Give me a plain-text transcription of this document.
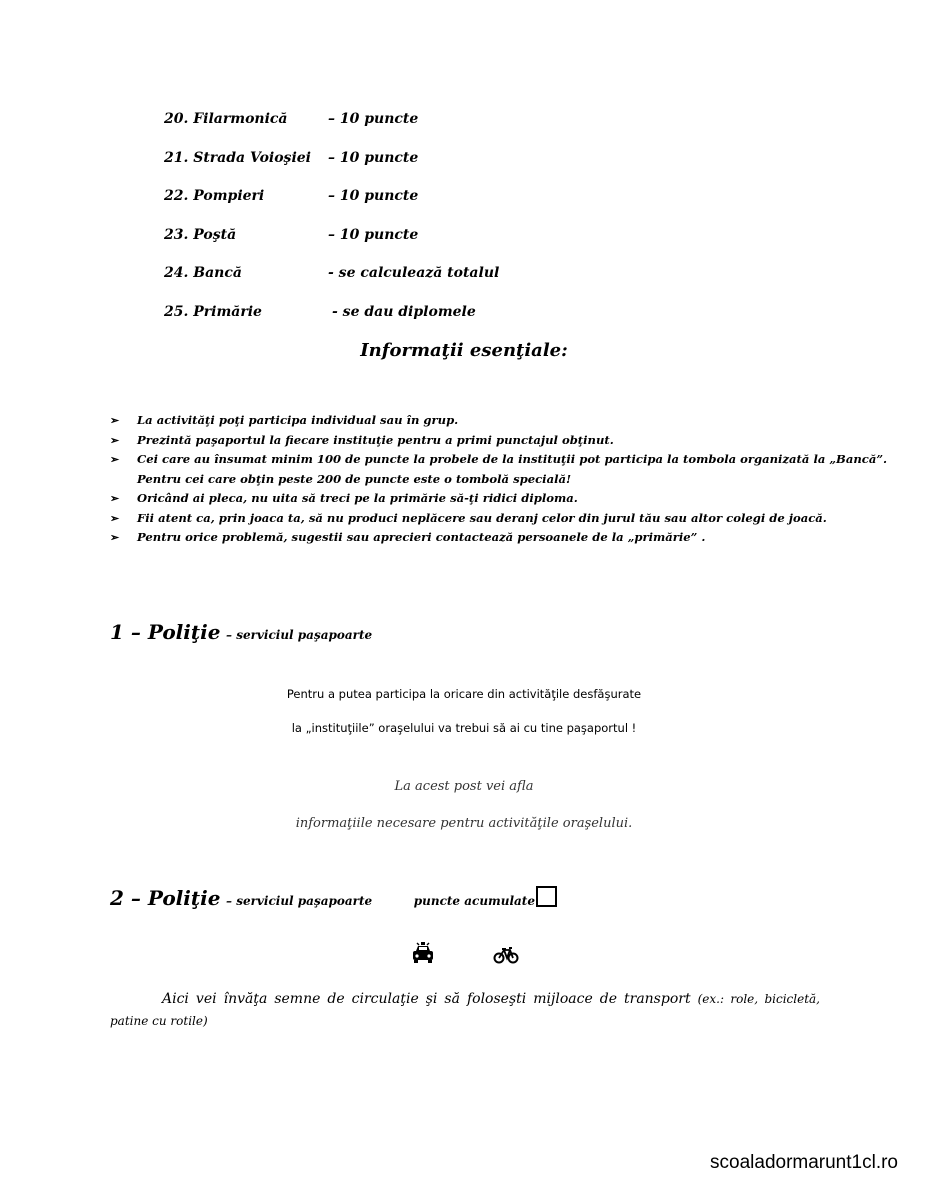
20. Filarmonică	– 10 puncte
21. Strada Voioşiei – 10 puncte
22. Pompieri	– 10 puncte
23. Poştă	– 10 puncte
24. Bancă	- se calculează totalul
25. Primărie	- se dau diplomele
Informaţii esenţiale:
➢ La activităţi poţi participa individual sau în grup.
➢ Prezintă paşaportul la fiecare instituţie pentru a primi punctajul obţinut.
➢ Cei care au însumat minim 100 de puncte la probele de la instituţii pot participa la tombola organizată la „Bancă”.
Pentru cei care obţin peste 200 de puncte este o tombolă specială!
➢ Oricând ai pleca, nu uita să treci pe la primărie să-ţi ridici diploma.
➢ Fii atent ca, prin joaca ta, să nu produci neplăcere sau deranj celor din jurul tău sau altor colegi de joacă.
➢ Pentru orice problemă, sugestii sau aprecieri contactează persoanele de la „primărie” .
1 – Poliţie – serviciul paşapoarte
Pentru a putea participa la oricare din activităţile desfăşurate
la „instituţiile” oraşelului va trebui să ai cu tine paşaportul !
La acest post vei afla
informaţiile necesare pentru activităţile oraşelului.
2 – Poliţie – serviciul paşapoarte	puncte acumulate
Aici vei învăţa semne de circulaţie şi să foloseşti mijloace de transport (ex.: role, bicicletă, patine cu rotile)
scoaladormarunt1cl.ro
